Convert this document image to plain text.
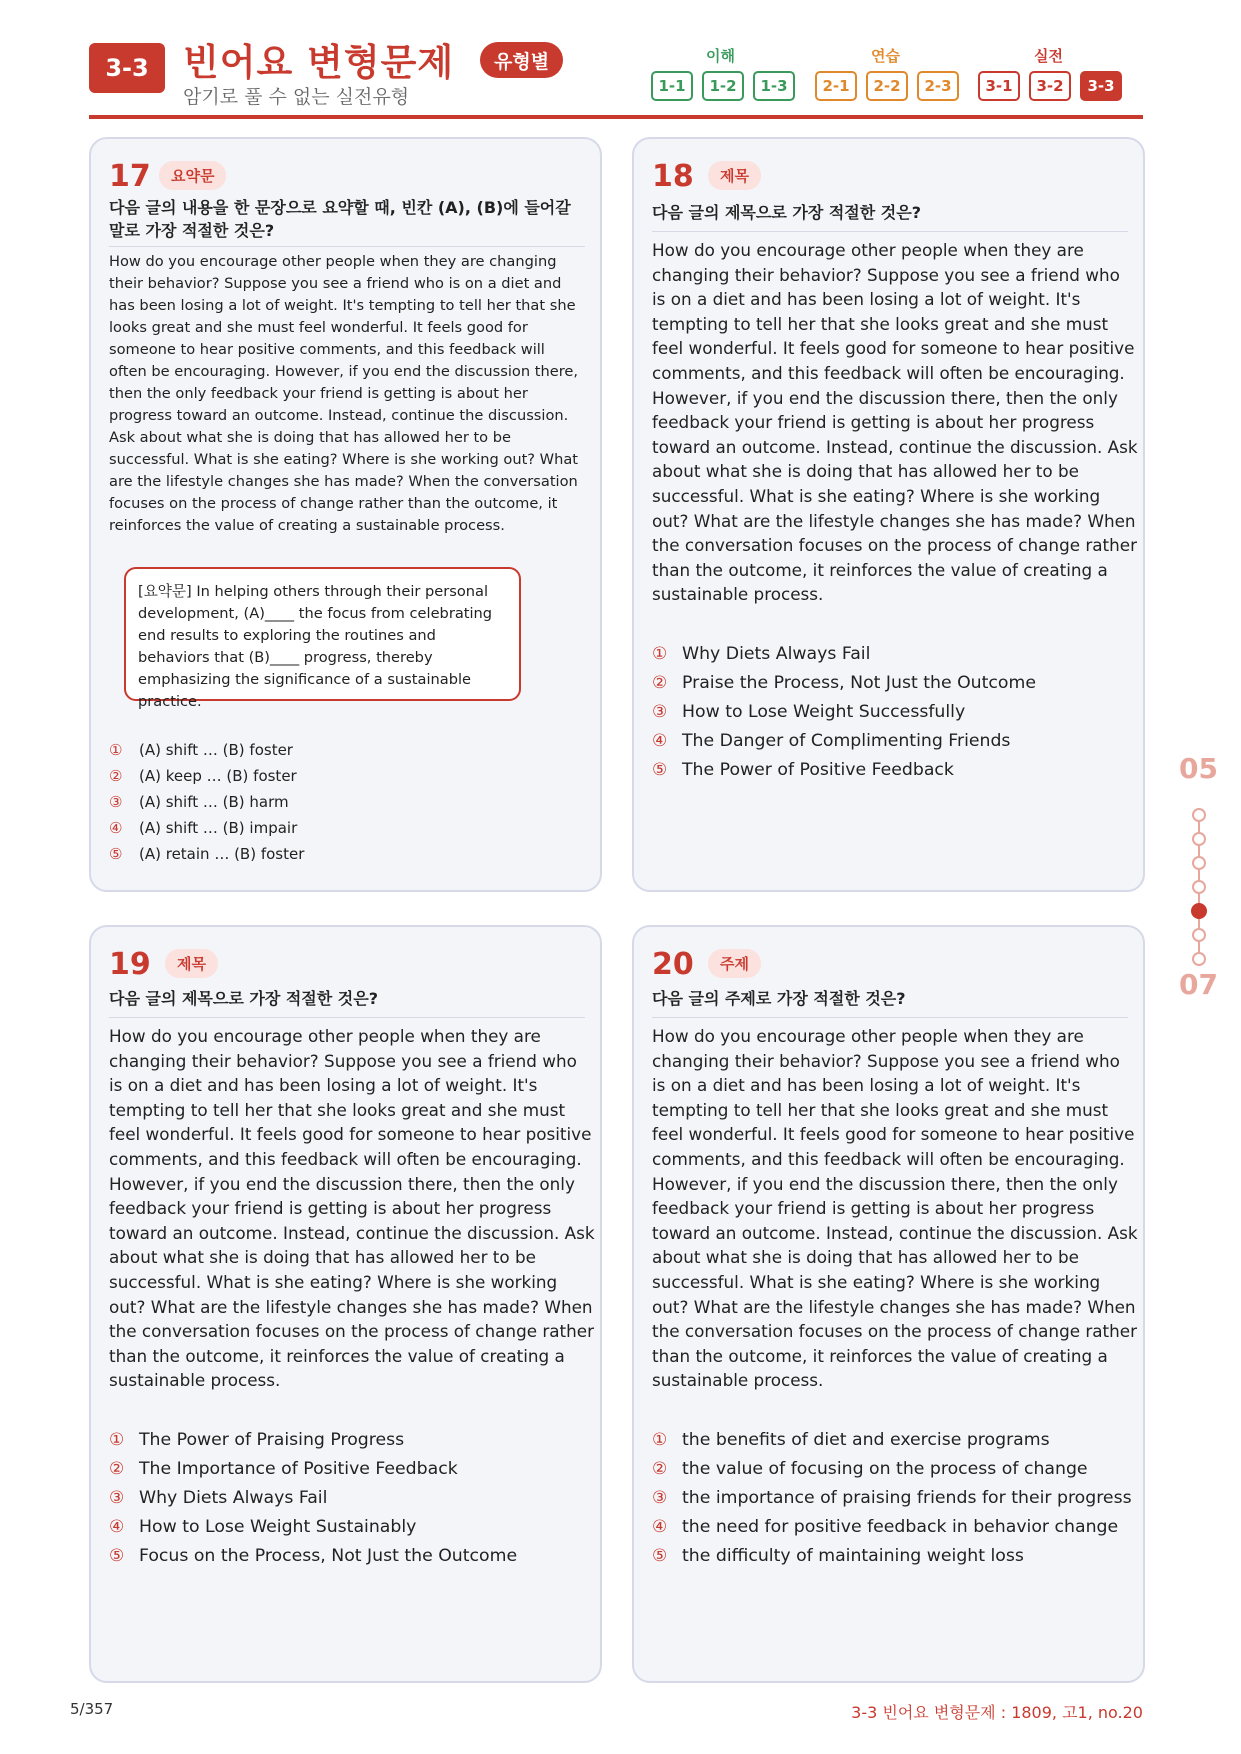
3-3 빈어요 변형문제	유형별
암기로 풀 수 없는 실전유형
이해
1-1	1-2	1-3
연습
2-1	2-2	2-3
실전
3-1	3-2	3-3
17	요약문
다음 글의 내용을 한 문장으로 요약할 때, 빈칸 (A), (B)에 들어갈 말로 가장 적절한 것은?
How do you encourage other people when they are changing their behavior? Suppose you see a friend who is on a diet and has been losing a lot of weight. It's tempting to tell her that she looks great and she must feel wonderful. It feels good for someone to hear positive comments, and this feedback will often be encouraging. However, if you end the discussion there, then the only feedback your friend is getting is about her progress toward an outcome. Instead, continue the discussion. Ask about what she is doing that has allowed her to be successful. What is she eating? Where is she working out? What are the lifestyle changes she has made? When the conversation focuses on the process of change rather than the outcome, it reinforces the value of creating a sustainable process.
[요약문] In helping others through their personal development, (A)____ the focus from celebrating end results to exploring the routines and behaviors that (B)____ progress, thereby emphasizing the significance of a sustainable practice.
① (A) shift … (B) foster
② (A) keep … (B) foster
③ (A) shift … (B) harm
④ (A) shift … (B) impair
⑤ (A) retain … (B) foster
18	제목
다음 글의 제목으로 가장 적절한 것은?
How do you encourage other people when they are changing their behavior? Suppose you see a friend who is on a diet and has been losing a lot of weight. It's tempting to tell her that she looks great and she must feel wonderful. It feels good for someone to hear positive comments, and this feedback will often be encouraging. However, if you end the discussion there, then the only feedback your friend is getting is about her progress toward an outcome. Instead, continue the discussion. Ask about what she is doing that has allowed her to be successful. What is she eating? Where is she working out? What are the lifestyle changes she has made? When the conversation focuses on the process of change rather than the outcome, it reinforces the value of creating a sustainable process.
① Why Diets Always Fail
② Praise the Process, Not Just the Outcome
③ How to Lose Weight Successfully
④ The Danger of Complimenting Friends
⑤ The Power of Positive Feedback
19	제목
다음 글의 제목으로 가장 적절한 것은?
How do you encourage other people when they are changing their behavior? Suppose you see a friend who is on a diet and has been losing a lot of weight. It's tempting to tell her that she looks great and she must feel wonderful. It feels good for someone to hear positive comments, and this feedback will often be encouraging. However, if you end the discussion there, then the only feedback your friend is getting is about her progress toward an outcome. Instead, continue the discussion. Ask about what she is doing that has allowed her to be successful. What is she eating? Where is she working out? What are the lifestyle changes she has made? When the conversation focuses on the process of change rather than the outcome, it reinforces the value of creating a sustainable process.
① The Power of Praising Progress
② The Importance of Positive Feedback
③ Why Diets Always Fail
④ How to Lose Weight Sustainably
⑤ Focus on the Process, Not Just the Outcome
20	주제
다음 글의 주제로 가장 적절한 것은?
How do you encourage other people when they are changing their behavior? Suppose you see a friend who is on a diet and has been losing a lot of weight. It's tempting to tell her that she looks great and she must feel wonderful. It feels good for someone to hear positive comments, and this feedback will often be encouraging. However, if you end the discussion there, then the only feedback your friend is getting is about her progress toward an outcome. Instead, continue the discussion. Ask about what she is doing that has allowed her to be successful. What is she eating? Where is she working out? What are the lifestyle changes she has made? When the conversation focuses on the process of change rather than the outcome, it reinforces the value of creating a sustainable process.
① the benefits of diet and exercise programs
② the value of focusing on the process of change
③ the importance of praising friends for their progress
④ the need for positive feedback in behavior change
⑤ the difficulty of maintaining weight loss
05
07
5/357	3-3 빈어요 변형문제 : 1809, 고1, no.20
